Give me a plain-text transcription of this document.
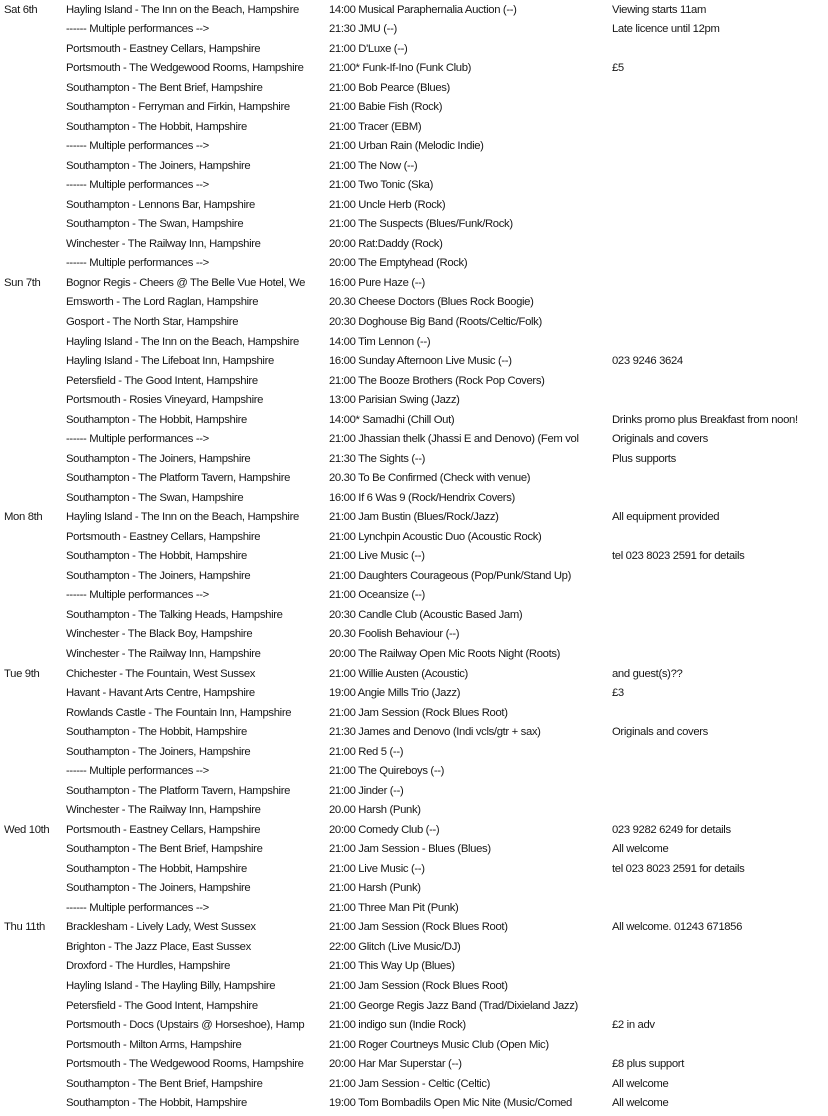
Sat 6th	Hayling Island - The Inn on the Beach, Hampshire	14:00 Musical Paraphernalia Auction (--)	Viewing starts 11am
------ Multiple performances -->	21:30 JMU (--)	Late licence until 12pm
Portsmouth - Eastney Cellars, Hampshire	21:00 D'Luxe (--)
Portsmouth - The Wedgewood Rooms, Hampshire	21:00* Funk-If-Ino (Funk Club)	£5
Southampton - The Bent Brief, Hampshire	21:00 Bob Pearce (Blues)
Southampton - Ferryman and Firkin, Hampshire	21:00 Babie Fish (Rock)
Southampton - The Hobbit, Hampshire	21:00 Tracer (EBM)
------ Multiple performances -->	21:00 Urban Rain (Melodic Indie)
Southampton - The Joiners, Hampshire	21:00 The Now (--)
------ Multiple performances -->	21:00 Two Tonic (Ska)
Southampton - Lennons Bar, Hampshire	21:00 Uncle Herb (Rock)
Southampton - The Swan, Hampshire	21:00 The Suspects (Blues/Funk/Rock)
Winchester - The Railway Inn, Hampshire	20:00 Rat:Daddy (Rock)
------ Multiple performances -->	20:00 The Emptyhead (Rock)
Sun 7th	Bognor Regis - Cheers @ The Belle Vue Hotel, We	16:00 Pure Haze (--)
Emsworth - The Lord Raglan, Hampshire	20.30 Cheese Doctors (Blues Rock Boogie)
Gosport - The North Star, Hampshire	20:30 Doghouse Big Band (Roots/Celtic/Folk)
Hayling Island - The Inn on the Beach, Hampshire	14:00 Tim Lennon (--)
Hayling Island - The Lifeboat Inn, Hampshire	16:00 Sunday Afternoon Live Music (--)	023 9246 3624
Petersfield - The Good Intent, Hampshire	21:00 The Booze Brothers (Rock Pop Covers)
Portsmouth - Rosies Vineyard, Hampshire	13:00 Parisian Swing (Jazz)
Southampton - The Hobbit, Hampshire	14:00* Samadhi (Chill Out)	Drinks promo plus Breakfast from noon!
------ Multiple performances -->	21:00 Jhassian thelk (Jhassi E and Denovo) (Fem vol	Originals and covers
Southampton - The Joiners, Hampshire	21:30 The Sights (--)	Plus supports
Southampton - The Platform Tavern, Hampshire	20.30 To Be Confirmed (Check with venue)
Southampton - The Swan, Hampshire	16:00 If 6 Was 9 (Rock/Hendrix Covers)
Mon 8th	Hayling Island - The Inn on the Beach, Hampshire	21:00 Jam Bustin (Blues/Rock/Jazz)	All equipment provided
Portsmouth - Eastney Cellars, Hampshire	21:00 Lynchpin Acoustic Duo (Acoustic Rock)
Southampton - The Hobbit, Hampshire	21:00 Live Music (--)	tel 023 8023 2591 for details
Southampton - The Joiners, Hampshire	21:00 Daughters Courageous (Pop/Punk/Stand Up)
------ Multiple performances -->	21:00 Oceansize (--)
Southampton - The Talking Heads, Hampshire	20:30 Candle Club (Acoustic Based Jam)
Winchester - The Black Boy, Hampshire	20.30 Foolish Behaviour (--)
Winchester - The Railway Inn, Hampshire	20:00 The Railway Open Mic Roots Night (Roots)
Tue 9th	Chichester - The Fountain, West Sussex	21:00 Willie Austen (Acoustic)	and guest(s)??
Havant - Havant Arts Centre, Hampshire	19:00 Angie Mills Trio (Jazz)	£3
Rowlands Castle - The Fountain Inn, Hampshire	21:00 Jam Session (Rock Blues Root)
Southampton - The Hobbit, Hampshire	21:30 James and Denovo (Indi vcls/gtr + sax)	Originals and covers
Southampton - The Joiners, Hampshire	21:00 Red 5 (--)
------ Multiple performances -->	21:00 The Quireboys (--)
Southampton - The Platform Tavern, Hampshire	21:00 Jinder (--)
Winchester - The Railway Inn, Hampshire	20.00 Harsh (Punk)
Wed 10th	Portsmouth - Eastney Cellars, Hampshire	20:00 Comedy Club (--)	023 9282 6249 for details
Southampton - The Bent Brief, Hampshire	21:00 Jam Session - Blues (Blues)	All welcome
Southampton - The Hobbit, Hampshire	21:00 Live Music (--)	tel 023 8023 2591 for details
Southampton - The Joiners, Hampshire	21:00 Harsh (Punk)
------ Multiple performances -->	21:00 Three Man Pit (Punk)
Thu 11th	Bracklesham - Lively Lady, West Sussex	21:00 Jam Session (Rock Blues Root)	All welcome. 01243 671856
Brighton - The Jazz Place, East Sussex	22:00 Glitch (Live Music/DJ)
Droxford - The Hurdles, Hampshire	21:00 This Way Up (Blues)
Hayling Island - The Hayling Billy, Hampshire	21:00 Jam Session (Rock Blues Root)
Petersfield - The Good Intent, Hampshire	21:00 George Regis Jazz Band (Trad/Dixieland Jazz)
Portsmouth - Docs (Upstairs @ Horseshoe), Hamp	21:00 indigo sun (Indie Rock)	£2 in adv
Portsmouth - Milton Arms, Hampshire	21:00 Roger Courtneys Music Club (Open Mic)
Portsmouth - The Wedgewood Rooms, Hampshire	20:00 Har Mar Superstar (--)	£8 plus support
Southampton - The Bent Brief, Hampshire	21:00 Jam Session - Celtic (Celtic)	All welcome
Southampton - The Hobbit, Hampshire	19:00 Tom Bombadils Open Mic Nite (Music/Comed	All welcome
